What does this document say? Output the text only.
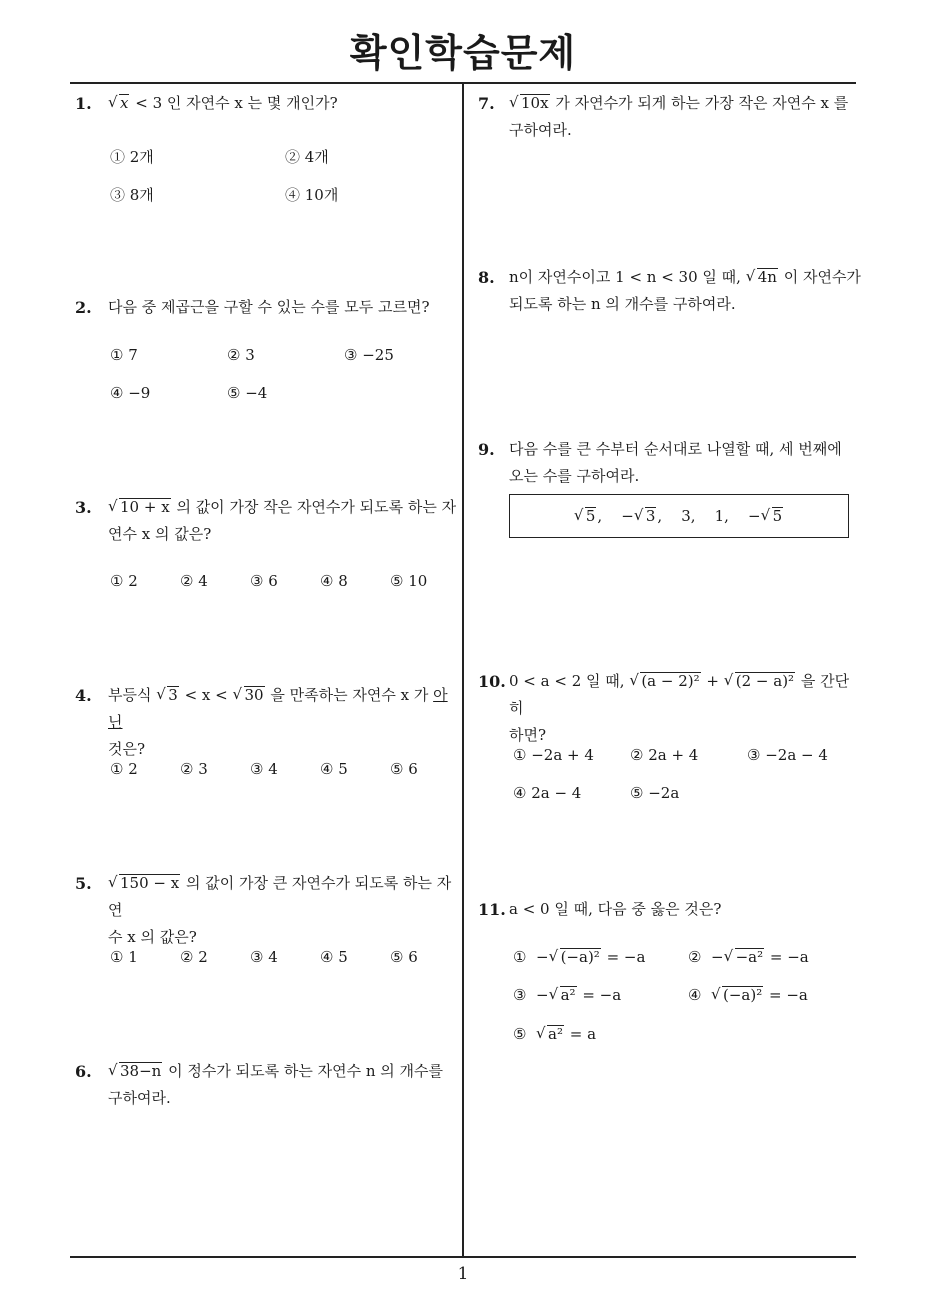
확인학습문제
1
1.	√ x < 3 인 자연수 x 는 몇 개인가?
① 2개	② 4개
③ 8개	④ 10개
2. 다음 중 제곱근을 구할 수 있는 수를 모두 고르면?
① 7	② 3	③ −25
④ −9	⑤ −4
3.	√ 10 + x 의 값이 가장 작은 자연수가 되도록 하는 자
연수 x 의 값은?
① 2	② 4	③ 6	④ 8	⑤ 10
4. 부등식 √ 3 < x < √ 30 을 만족하는 자연수 x 가 아닌
것은?
① 2	② 3	③ 4	④ 5	⑤ 6
5.	√ 150 − x 의 값이 가장 큰 자연수가 되도록 하는 자연
수 x 의 값은?
① 1	② 2	③ 4	④ 5	⑤ 6
6.	√ 38−n 이 정수가 되도록 하는 자연수 n 의 개수를
구하여라.
7.	√ 10x 가 자연수가 되게 하는 가장 작은 자연수 x 를
구하여라.
8. n이 자연수이고 1 < n < 30 일 때, √ 4n 이 자연수가
되도록 하는 n 의 개수를 구하여라.
9. 다음 수를 큰 수부터 순서대로 나열할 때, 세 번째에
오는 수를 구하여라.
√ 5 ,    − √ 3 ,    3, 1,    − √ 5
10. 0 < a < 2 일 때, √ (a − 2)² + √ (2 − a)² 을 간단히
하면?
① −2a + 4 ② 2a + 4	③ −2a − 4
④ 2a − 4	⑤ −2a
11. a < 0 일 때, 다음 중 옳은 것은?
① − √ (−a)² = −a	② − √ −a² = −a
③ − √ a² = −a	④ √ (−a)² = −a
⑤ √ a² = a
